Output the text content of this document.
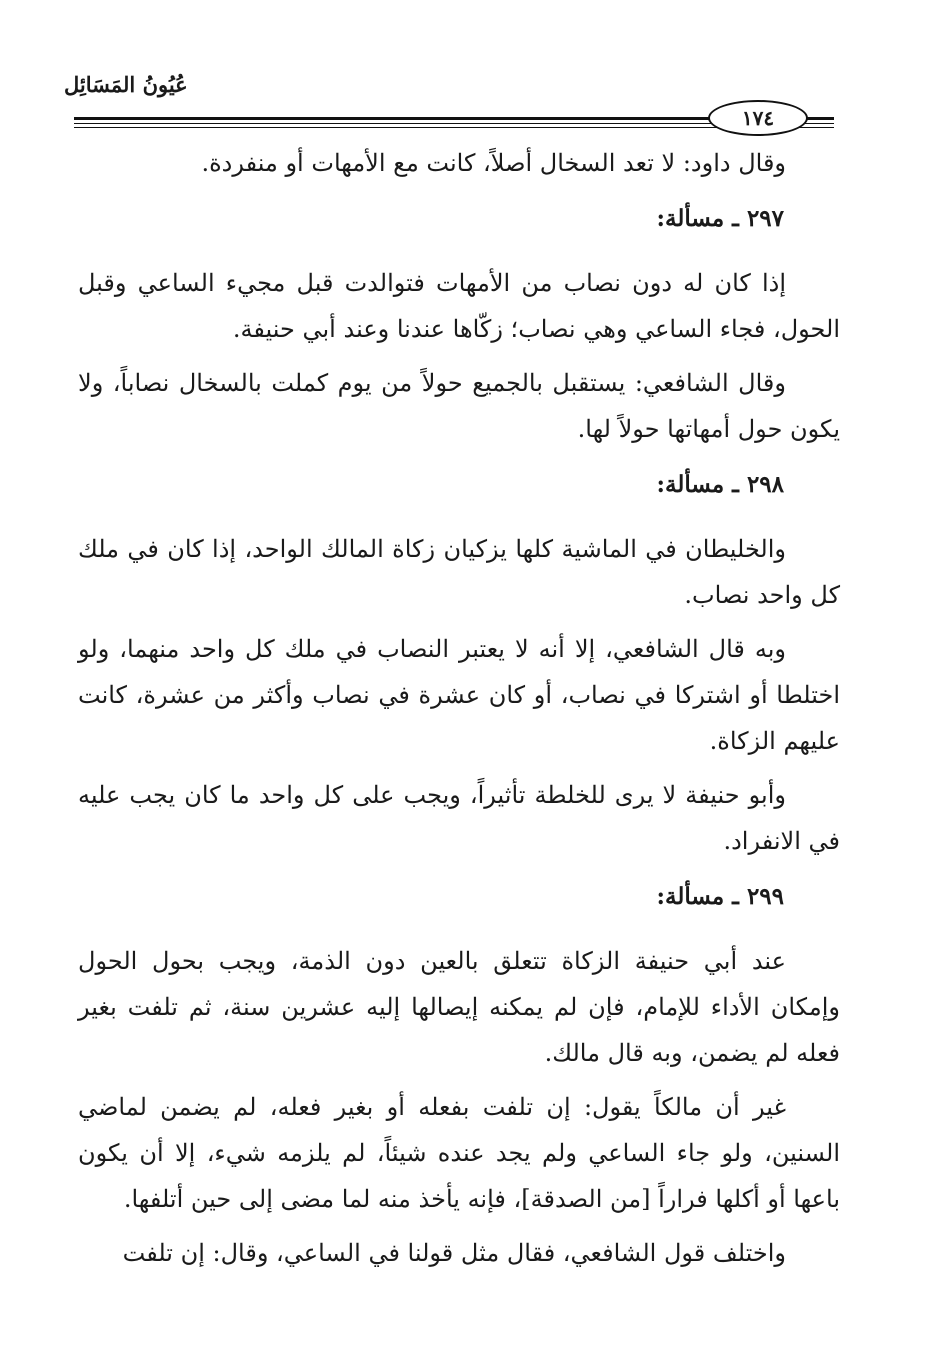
عُيُونُ المَسَائِل
١٧٤

وقال داود: لا تعد السخال أصلاً، كانت مع الأمهات أو منفردة.

٢٩٧ ـ مسألة:

إذا كان له دون نصاب من الأمهات فتوالدت قبل مجيء الساعي وقبل الحول، فجاء الساعي وهي نصاب؛ زكّاها عندنا وعند أبي حنيفة.

وقال الشافعي: يستقبل بالجميع حولاً من يوم كملت بالسخال نصاباً، ولا يكون حول أمهاتها حولاً لها.

٢٩٨ ـ مسألة:

والخليطان في الماشية كلها يزكيان زكاة المالك الواحد، إذا كان في ملك كل واحد نصاب.

وبه قال الشافعي، إلا أنه لا يعتبر النصاب في ملك كل واحد منهما، ولو اختلطا أو اشتركا في نصاب، أو كان عشرة في نصاب وأكثر من عشرة، كانت عليهم الزكاة.

وأبو حنيفة لا يرى للخلطة تأثيراً، ويجب على كل واحد ما كان يجب عليه في الانفراد.

٢٩٩ ـ مسألة:

عند أبي حنيفة الزكاة تتعلق بالعين دون الذمة، ويجب بحول الحول وإمكان الأداء للإمام، فإن لم يمكنه إيصالها إليه عشرين سنة، ثم تلفت بغير فعله لم يضمن، وبه قال مالك.

غير أن مالكاً يقول: إن تلفت بفعله أو بغير فعله، لم يضمن لماضي السنين، ولو جاء الساعي ولم يجد عنده شيئاً، لم يلزمه شيء، إلا أن يكون باعها أو أكلها فراراً [من الصدقة]، فإنه يأخذ منه لما مضى إلى حين أتلفها.

واختلف قول الشافعي، فقال مثل قولنا في الساعي، وقال: إن تلفت
